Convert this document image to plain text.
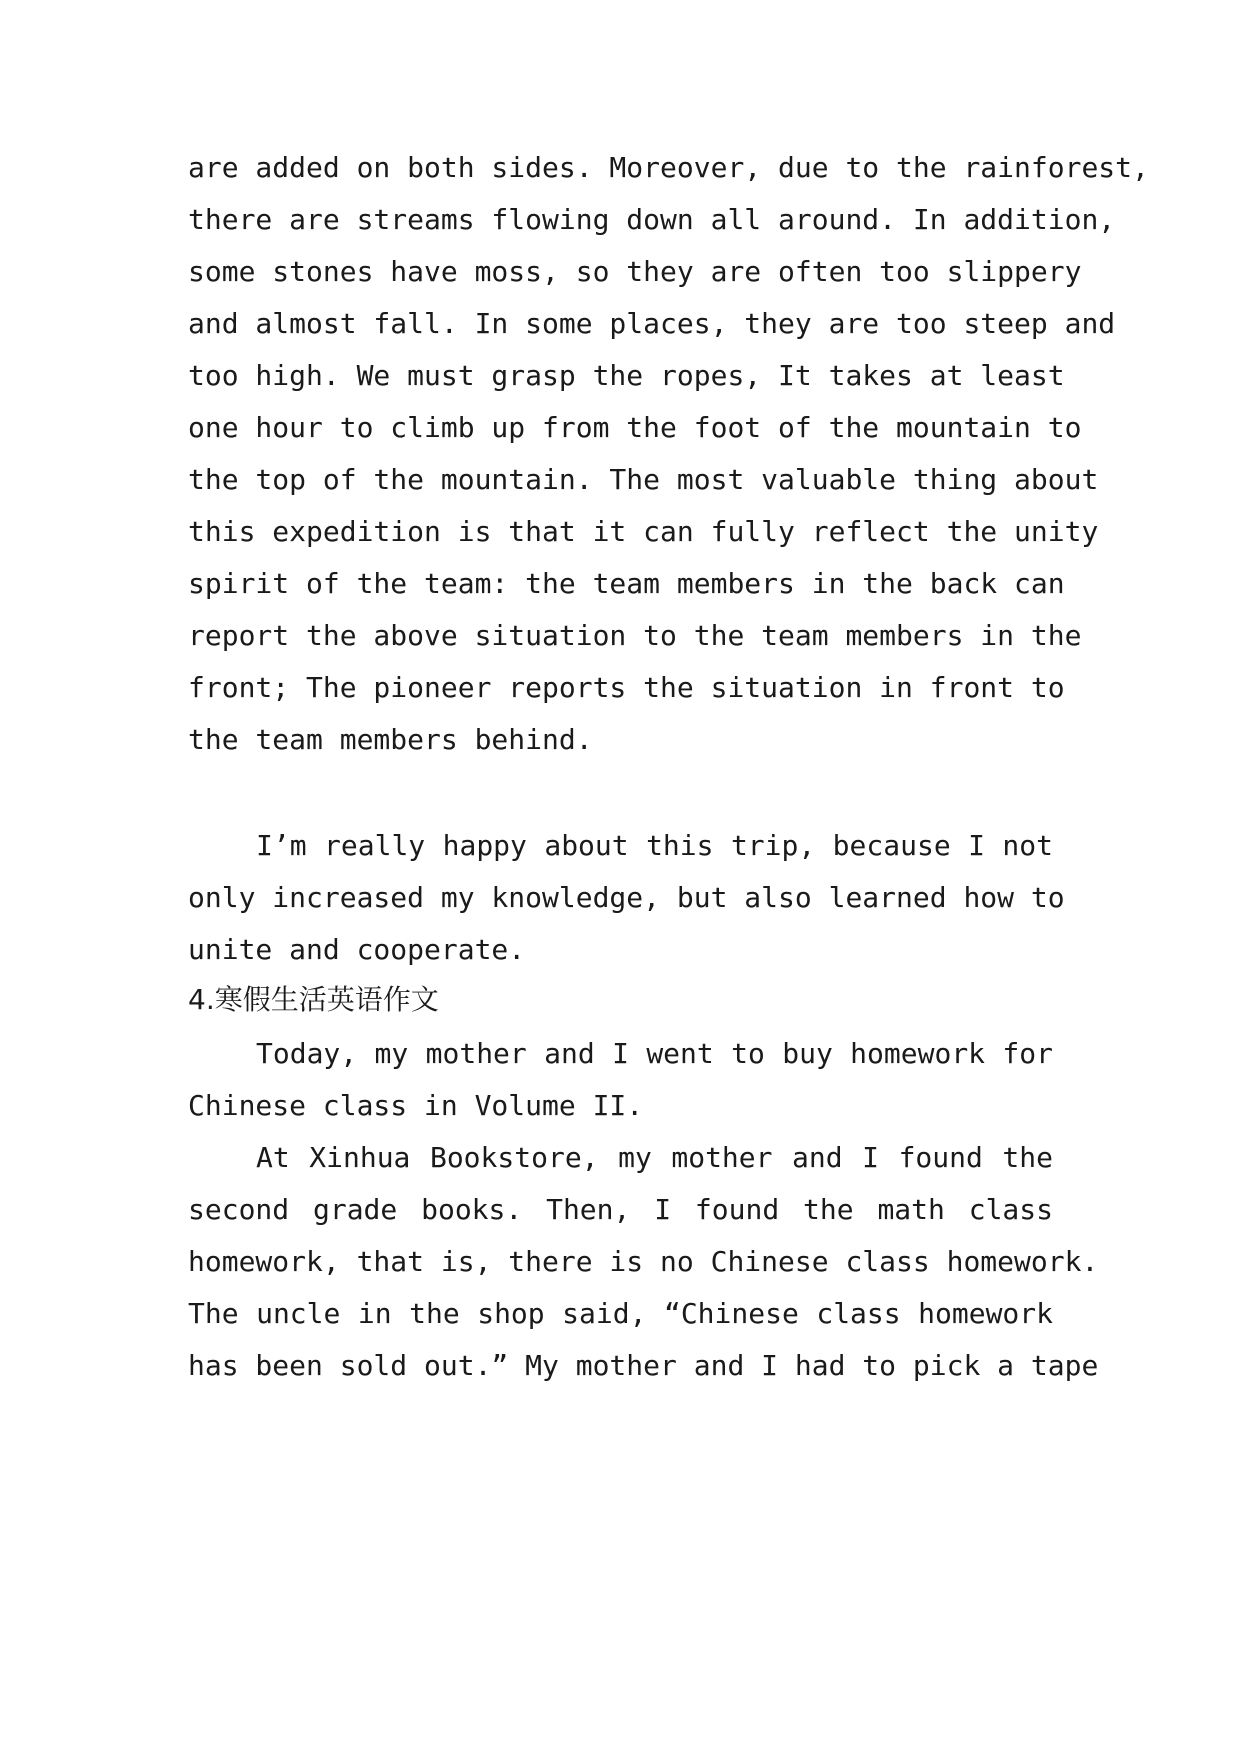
are added on both sides. Moreover, due to the rainforest,
there are streams flowing down all around. In addition,
some stones have moss, so they are often too slippery
and almost fall. In some places, they are too steep and
too high. We must grasp the ropes, It takes at least
one hour to climb up from the foot of the mountain to
the top of the mountain. The most valuable thing about
this expedition is that it can fully reflect the unity
spirit of the team: the team members in the back can
report the above situation to the team members in the
front; The pioneer reports the situation in front to
the team members behind.
I’m really happy about this trip, because I not
only increased my knowledge, but also learned how to
unite and cooperate.
4.寒假生活英语作文
Today, my mother and I went to buy homework for
Chinese class in Volume II.
At Xinhua Bookstore, my mother and I found the
second grade books. Then, I found the math class
homework, that is, there is no Chinese class homework.
The uncle in the shop said, “Chinese class homework
has been sold out.” My mother and I had to pick a tape
